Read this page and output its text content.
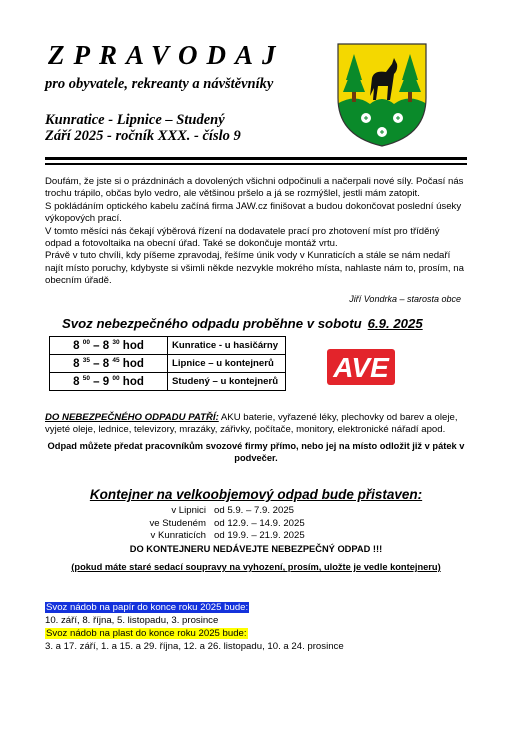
ZPRAVODAJ
pro obyvatele, rekreanty a návštěvníky
Kunratice - Lipnice – Studený
Září 2025 - ročník XXX. - číslo 9

Doufám, že jste si o prázdninách a dovolených všichni odpočinuli a načerpali nové síly. Počasí nás trochu trápilo, občas bylo vedro, ale většinou pršelo a já se rozmýšlel, jestli mám zatopit.

S pokládáním optického kabelu začíná firma JAW.cz finišovat a budou dokončovat poslední úseky výkopových prací.

V tomto měsíci nás čekají výběrová řízení na dodavatele prací pro zhotovení míst pro tříděný odpad a fotovoltaika na obecní úřad. Také se dokončuje montáž vrtu.

Právě v tuto chvíli, kdy píšeme zpravodaj, řešíme únik vody v Kunraticích a stále se nám nedaří najít místo poruchy, kdybyste si všimli někde nezvykle mokrého místa, nahlaste nám to, prosím, na obecním úřadě.

Jiří Vondrka – starosta obce
Svoz nebezpečného odpadu proběhne v sobotu 6.9. 2025
8 $^{00}$ – 8 $^{30}$ hod	Kunratice - u hasičárny
8 $^{35}$ – 8 $^{45}$ hod	Lipnice – u kontejnerů
8 $^{50}$ – 9 $^{00}$ hod	Studený – u kontejnerů AVE
DO NEBEZPEČNÉHO ODPADU PATŘÍ: AKU baterie, vyřazené léky, plechovky od barev a oleje, vyjeté oleje, lednice, televizory, mrazáky, zářivky, počítače, monitory, elektronické nářadí apod.
Odpad můžete předat pracovníkům svozové firmy přímo, nebo jej na místo odložit již v pátek v podvečer.
Kontejner na velkoobjemový odpad bude přistaven:
v Lipnici od 5.9. – 7.9. 2025
ve Studeném od 12.9. – 14.9. 2025
v Kunraticích od 19.9. – 21.9. 2025
DO KONTEJNERU NEDÁVEJTE NEBEZPEČNÝ ODPAD !!!
(pokud máte staré sedací soupravy na vyhození, prosím, uložte je vedle kontejneru)
Svoz nádob na papír do konce roku 2025 bude:
10. září, 8. října, 5. listopadu, 3. prosince
Svoz nádob na plast do konce roku 2025 bude:
3. a 17. září, 1. a 15. a 29. října, 12. a 26. listopadu, 10. a 24. prosince
